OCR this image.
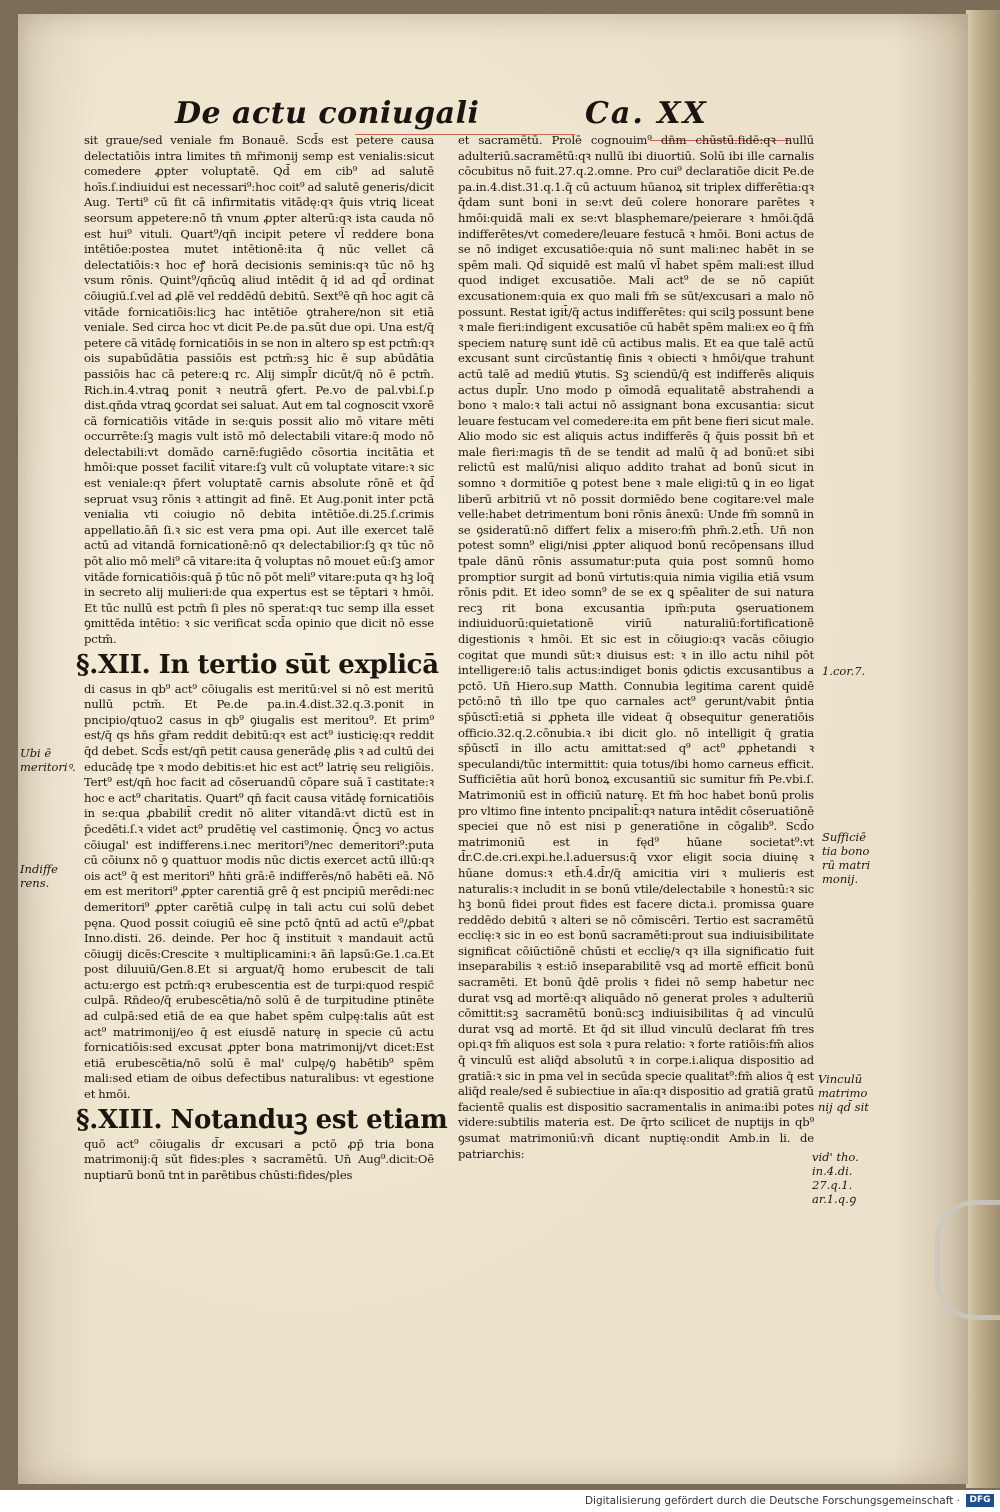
De actu coniugali	Ca. XX

sit graue/sed veniale fm Bonauē. Scd̄s est petere causa delectatiōis intra limites tn̄ mr̄imonij semp est venialis:sicut comedere ꝓpter voluptatē. Qd̄ em cib⁹ ad salutē hoīs.ſ.indiuidui est necessari⁹:hoc coit⁹ ad salutē generis/dicit Aug. Terti⁹ cū fit cā infirmitatis vitādę:qꝛ q̄uis vtriꝗ liceat seorsum appetere:nō tn̄ vnum ꝓpter alterū:qꝛ ista cauda nō est hui⁹ vituli. Quart⁹/qn̄ incipit petere vl̄ reddere bona intētiōe:postea mutet intētionē:ita q̄ nūc vellet cā delectatiōis:ꝛ hoc eꝭ horā decisionis seminis:qꝛ tūc nō hꝫ vsum rōnis. Quint⁹/qn̄cūꝗ aliud intēdit q̄ id ad qd̄ ordinat cōiugiū.ſ.vel ad ꝓlē vel reddēdū debitū. Sext⁹ē qn̄ hoc agit cā vitāde fornicatiōis:licꝫ hac intētiōe ꝯtrahere/non sit etiā veniale. Sed circa hoc vt dicit Pe.de pa.sūt due opi. Una est/q̄ petere cā vitādę fornicatiōis in se non in altero sp est pctm̄:qꝛ ois supabūdātia passiōis est pctm̄:sꝫ hic ē sup abūdātia passiōis hac cā petere:ꝗ rc. Alij simpl̄r dicūt/q̄ nō ē pctm̄. Rich.in.4.vtraꝗ ponit ꝛ neutrā ꝯfert. Pe.vo de pal.vbi.ſ.p dist.qn̄da vtraꝗ ꝯcordat sei saluat. Aut em tal cognoscit vxorē cā fornicatiōis vitāde in se:ꝗuis possit alio mō vitare mēti occurrēte:ſꝫ magis vult istō mō delectabili vitare:q̄ modo nō delectabili:vt domādo carnē:fugiēdo cōsortia incitātia et hmōi:que posset facilit̄ vitare:ſꝫ vult cū voluptate vitare:ꝛ sic est veniale:qꝛ p̄fert voluptatē carnis absolute rōnē et q̄d̄ sepruat vsuꝫ rōnis ꝛ attingit ad finē. Et Aug.ponit inter pctā venialia vti coiugio nō debita intētiōe.di.25.ſ.crimis appellatio.ān̄ ſi.ꝛ sic est vera pma opi. Aut ille exercet talē actū ad vitandā fornicationē:nō qꝛ delectabilior:ſꝫ qꝛ tūc nō pōt alio mō meli⁹ cā vitare:ita q̄ voluptas nō mouet eū:ſꝫ amor vitāde fornicatiōis:quā p̄ tūc nō pōt meli⁹ vitare:puta qꝛ hꝫ loq̄ in secreto alij mulieri:de qua expertus est se tēptari ꝛ hmōi. Et tūc nullū est pctm̄ ſi ples nō sperat:qꝛ tuc semp illa esset ꝯmittēda intētio: ꝛ sic verificat scd̄a opinio que dicit nō esse pctm̄.

§.XII. In tertio sūt explicā

di casus in qb⁹ act⁹ cōiugalis est meritū:vel si nō est meritū nullū pctm̄. Et Pe.de pa.in.4.dist.32.q.3.ponit in pncipio/qtuo2 casus in qb⁹ ꝯiugalis est meritou⁹. Et prim⁹ est/q̄ qs hn̄s gr̄am reddit debitū:qꝛ est act⁹ iusticię:qꝛ reddit q̄d debet. Scd̄s est/qn̄ petit causa generādę ꝓlis ꝛ ad cultū dei educādę tpe ꝛ modo debitis:et hic est act⁹ latrię seu religiōis. Tert⁹ est/qn̄ hoc facit ad cōseruandū cōpare suā ī castitate:ꝛ hoc e act⁹ charitatis. Quart⁹ qn̄ facit causa vitādę fornicatiōis in se:qua ꝓbabilit̄ credit nō aliter vitandā:vt dictū est in p̄cedēti.ſ.ꝛ videt act⁹ prudētię vel castimonię. Q̄ncꝫ vo actus cōiugal' est indifferens.i.nec meritori⁹/nec demeritori⁹:puta cū cōiunx nō ꝯ quattuor modis nūc dictis exercet actū illū:qꝛ ois act⁹ q̄ est meritori⁹ hn̄ti grā:ē indifferēs/nō habēti eā. Nō em est meritori⁹ ꝓpter carentiā grē q̄ est pncipiū merēdi:nec demeritori⁹ ꝓpter carētiā culpę in tali actu cui solū debet pęna. Quod possit coiugiū eē sine pctō q̄ntū ad actū e⁹/ꝓbat Inno.disti. 26. deinde. Per hoc q̄ instituit ꝛ mandauit actū cōiugij dicēs:Crescite ꝛ multiplicamini:ꝛ āñ lapsū:Ge.1.ca.Et post diluuiū/Gen.8.Et si arguat/q̄ homo erubescit de tali actu:ergo est pctm̄:qꝛ erubescentia est de turpi:quod respic̄ culpā. Rn̄deo/q̄ erubescētia/nō solū ē de turpitudine ptinēte ad culpā:sed etiā de ea que habet spēm culpę:talis aūt est act⁹ matrimonij/eo q̄ est eiusdē naturę in specie cū actu fornicatiōis:sed excusat ꝓpter bona matrimonij/vt dicet:Est etiā erubescētia/nō solū ē mal' culpę/ꝯ habētib⁹ spēm mali:sed etiam de oibus defectibus naturalibus: vt egestione et hmōi.

§.XIII. Notanduꝫ est etiam

quō act⁹ cōiugalis d̄r excusari a pctō ꝓp̄ tria bona matrimonij:q̄ sūt fides:ples ꝛ sacramētū. Un̄ Aug⁹.dicit:Oē nuptiarū bonū tnt in parētibus chūsti:fides/ples

et sacramētū. Prolē cognouim⁹ dn̄m chūstū.fidē:qꝛ nullū adulteriū.sacramētū:qꝛ nullū ibi diuortiū. Solū ibi ille carnalis cōcubitus nō fuit.27.q.2.omne. Pro cui⁹ declaratiōe dicit Pe.de pa.in.4.dist.31.q.1.q̄ cū actuum hūanoꝝ sit triplex differētia:qꝛ q̄dam sunt boni in se:vt deū colere honorare parētes ꝛ hmōi:quidā mali ex se:vt blasphemare/peierare ꝛ hmōi.q̄dā indifferētes/vt comedere/leuare festucā ꝛ hmōi. Boni actus de se nō indiget excusatiōe:quia nō sunt mali:nec habēt in se spēm mali. Qd̄ siquidē est malū vl̄ habet spēm mali:est illud quod indiget excusatiōe. Mali act⁹ de se nō capiūt excusationem:quia ex quo mali fm̄ se sūt/excusari a malo nō possunt. Restat igit̄/q̄ actus indifferētes: qui scilꝫ possunt bene ꝛ male fieri:indigent excusatiōe cū habēt spēm mali:ex eo q̄ fm̄ speciem naturę sunt idē cū actibus malis. Et ea que talē actū excusant sunt circūstantię finis ꝛ obiecti ꝛ hmōi/que trahunt actū talē ad mediū ꝟtutis. Sꝫ sciendū/q̄ est indifferēs aliquis actus dupl̄r. Uno modo p oīmodā equalitatē abstrahendi a bono ꝛ malo:ꝛ tali actui nō assignant bona excusantia: sicut leuare festucam vel comedere:ita em pn̄t bene fieri sicut male. Alio modo sic est aliquis actus indifferēs q̄ q̄uis possit bñ et male fieri:magis tn̄ de se tendit ad malū q̄ ad bonū:et sibi relictū est malū/nisi aliquo addito trahat ad bonū sicut in somno ꝛ dormitiōe ꝗ potest bene ꝛ male eligi:tū ꝗ in eo ligat liberū arbitriū vt nō possit dormiēdo bene cogitare:vel male velle:habet detrimentum boni rōnis ānexū: Unde fm̄ somnū in se ꝯsideratū:nō differt felix a misero:fm̄ phm̄.2.eth̄. Un̄ non potest somn⁹ eligi/nisi ꝓpter aliquod bonū recōpensans illud tpale dānū rōnis assumatur:puta quia post somnū homo promptior surgit ad bonū virtutis:quia nimia vigilia etiā vsum rōnis pdit. Et ideo somn⁹ de se ex ꝗ spēaliter de sui natura recꝫ rit bona excusantia ipm̄:puta ꝯseruationem indiuiduorū:quietationē viriū naturaliū:fortificationē digestionis ꝛ hmōi. Et sic est in cōiugio:qꝛ vacās cōiugio cogitat que mundi sūt:ꝛ diuisus est: ꝛ in illo actu nihil pōt intelligere:iō talis actus:indiget bonis ꝯdictis excusantibus a pctō. Un̄ Hiero.sup Matth. Connubia legitima carent quidē pctō:nō tñ illo tpe quo carnales act⁹ gerunt/vabit p̄ntia sp̄ūsctī:etiā si ꝓpheta ille videat q̄ obsequitur generatiōis officio.32.q.2.cōnubia.ꝛ ibi dicit glo. nō intelligit q̄ gratia sp̄ūsctī in illo actu amittat:sed q⁹ act⁹ ꝓphetandi ꝛ speculandi/tūc intermittit: quia totus/ibi homo carneus efficit. Sufficiētia aūt horū bonoꝝ excusantiū sic sumitur fm̄ Pe.vbi.ſ. Matrimoniū est in officiū naturę. Et fm̄ hoc habet bonū prolis pro vltimo fine intento pncipalit̄:qꝛ natura intēdit cōseruatiōnē speciei que nō est nisi p generatiōne in cōgalib⁹. Scd̄o matrimoniū est in fęd⁹ hūane societat⁹:vt d̄r.C.de.cri.expi.he.l.aduersus:q̄ vxor eligit socia diuinę ꝛ hūane domus:ꝛ eth̄.4.d̄r/q̄ amicitia viri ꝛ mulieris est naturalis:ꝛ includit in se bonū vtile/delectabile ꝛ honestū:ꝛ sic hꝫ bonū fidei prout fides est facere dicta.i. promissa ꝯuare reddēdo debitū ꝛ alteri se nō cōmiscēri. Tertio est sacramētū ecclię:ꝛ sic in eo est bonū sacramēti:prout sua indiuisibilitate significat cōiūctiōnē chūsti et ecclię/ꝛ qꝛ illa significatio fuit inseparabilis ꝛ est:iō inseparabilitē vsꝗ ad mortē efficit bonū sacramēti. Et bonū q̄dē prolis ꝛ fidei nō semp habetur nec durat vsꝗ ad mortē:qꝛ aliquādo nō generat proles ꝛ adulteriū cōmittit:sꝫ sacramētū bonū:scꝫ indiuisibilitas q̄ ad vinculū durat vsꝗ ad mortē. Et q̄d sit illud vinculū declarat fm̄ tres opi.qꝛ fm̄ aliquos est sola ꝛ pura relatio: ꝛ forte ratiōis:fm̄ alios q̄ vinculū est aliq̄d absolutū ꝛ in corpe.i.aliqua dispositio ad gratiā:ꝛ sic in pma vel in secūda specie qualitat⁹:fm̄ alios q̄ est aliq̄d reale/sed ē subiectiue in aīa:qꝛ dispositio ad gratiā gratū facientē qualis est dispositio sacramentalis in anima:ibi potes videre:subtilis materia est. De q̄rto scilicet de nuptijs in qb⁹ ꝯsumat matrimoniū:vn̄ dicant nuptię:ondit Amb.in li. de patriarchis:

Ubi ē meritoriꝰ.
Indiffe rens.
1.cor.7.
Sufficiē tia bono rū matri monij.
Vinculū matrimo nij qd̄ sit
vid' tho. in.4.di. 27.q.1. ar.1.q.ꝯ
Digitalisierung gefördert durch die Deutsche Forschungsgemeinschaft ·	DFG
